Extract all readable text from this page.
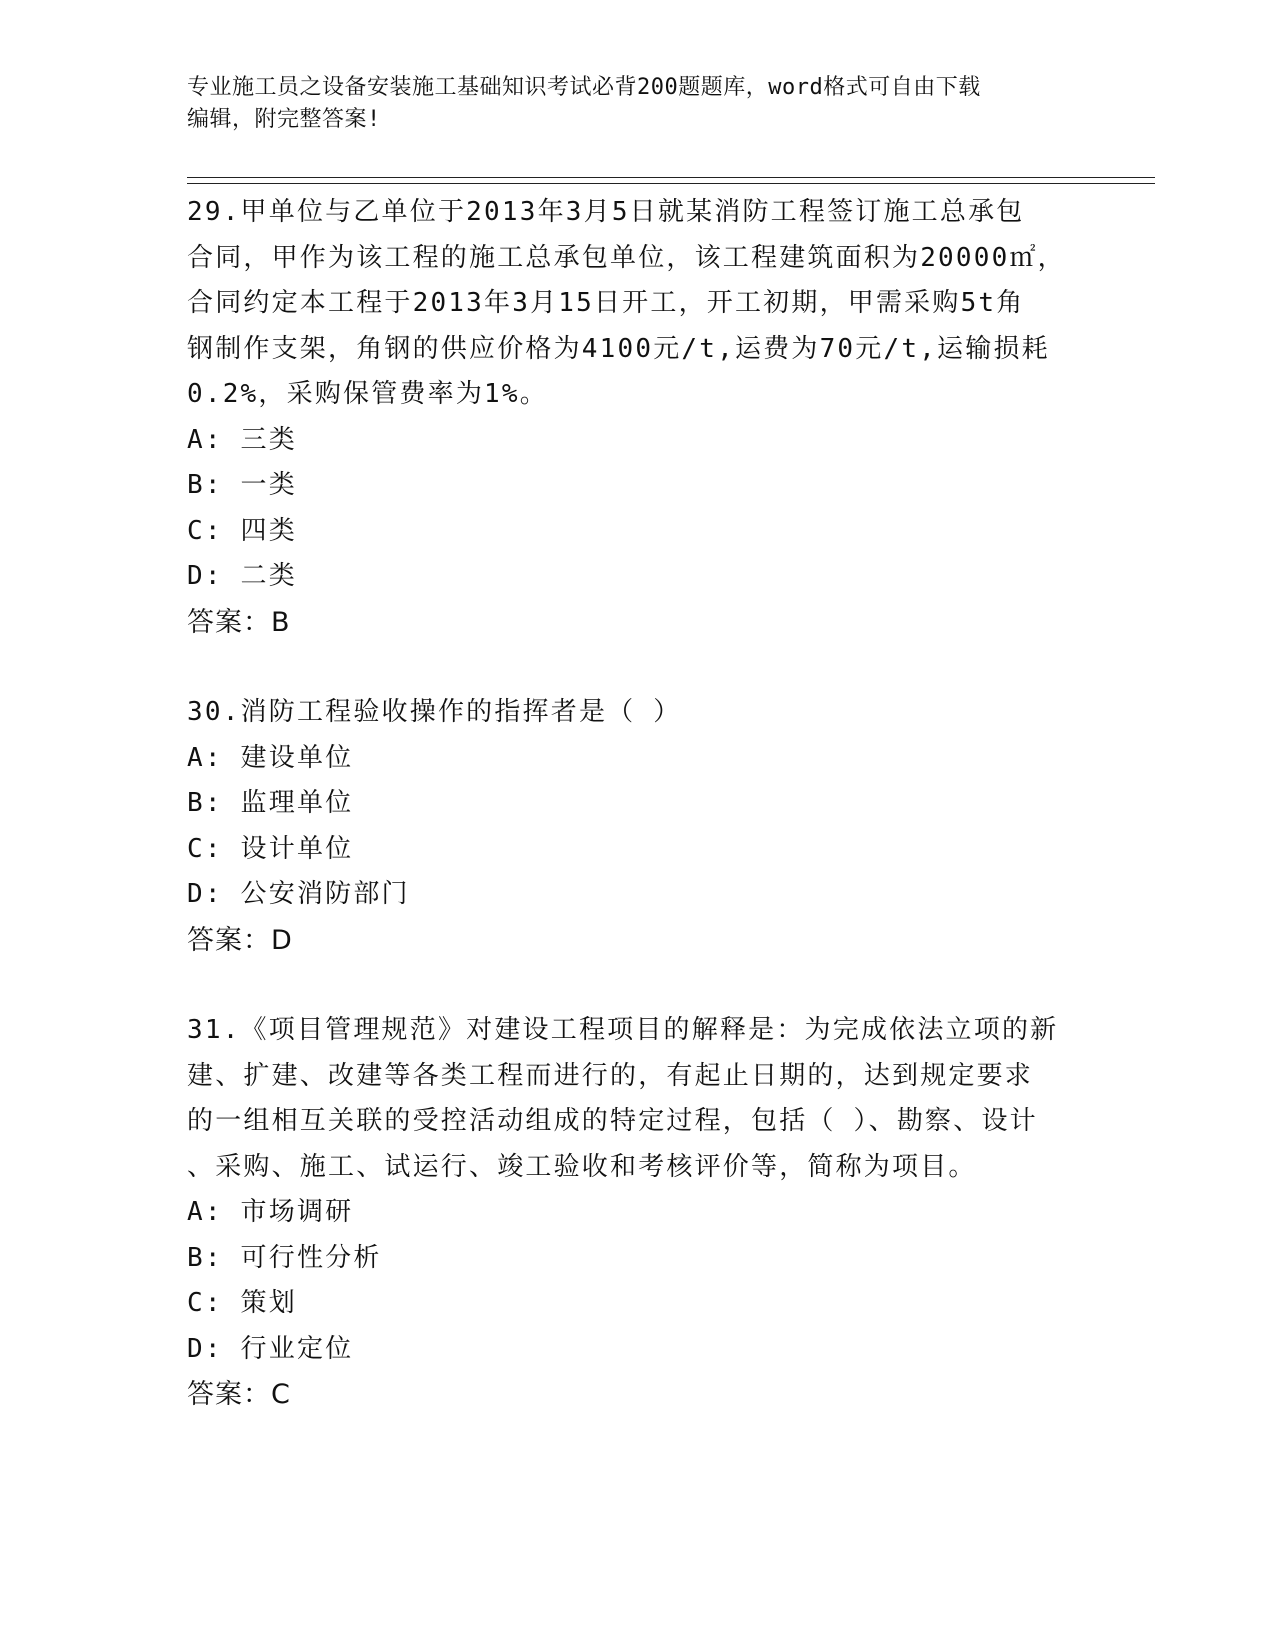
专业施工员之设备安装施工基础知识考试必背200题题库，word格式可自由下载
编辑，附完整答案!

29.甲单位与乙单位于2013年3月5日就某消防工程签订施工总承包

合同，甲作为该工程的施工总承包单位，该工程建筑面积为20000㎡，

合同约定本工程于2013年3月15日开工，开工初期，甲需采购5t角

钢制作支架，角钢的供应价格为4100元/t,运费为70元/t,运输损耗

0.2%，采购保管费率为1%。

A: 三类

B: 一类

C: 四类

D: 二类

答案：B

30.消防工程验收操作的指挥者是（ ）

A: 建设单位

B: 监理单位

C: 设计单位

D: 公安消防部门

答案：D

31.《项目管理规范》对建设工程项目的解释是：为完成依法立项的新

建、扩建、改建等各类工程而进行的，有起止日期的，达到规定要求

的一组相互关联的受控活动组成的特定过程，包括（ ）、勘察、设计

、采购、施工、试运行、竣工验收和考核评价等，简称为项目。

A: 市场调研

B: 可行性分析

C: 策划

D: 行业定位

答案：C
